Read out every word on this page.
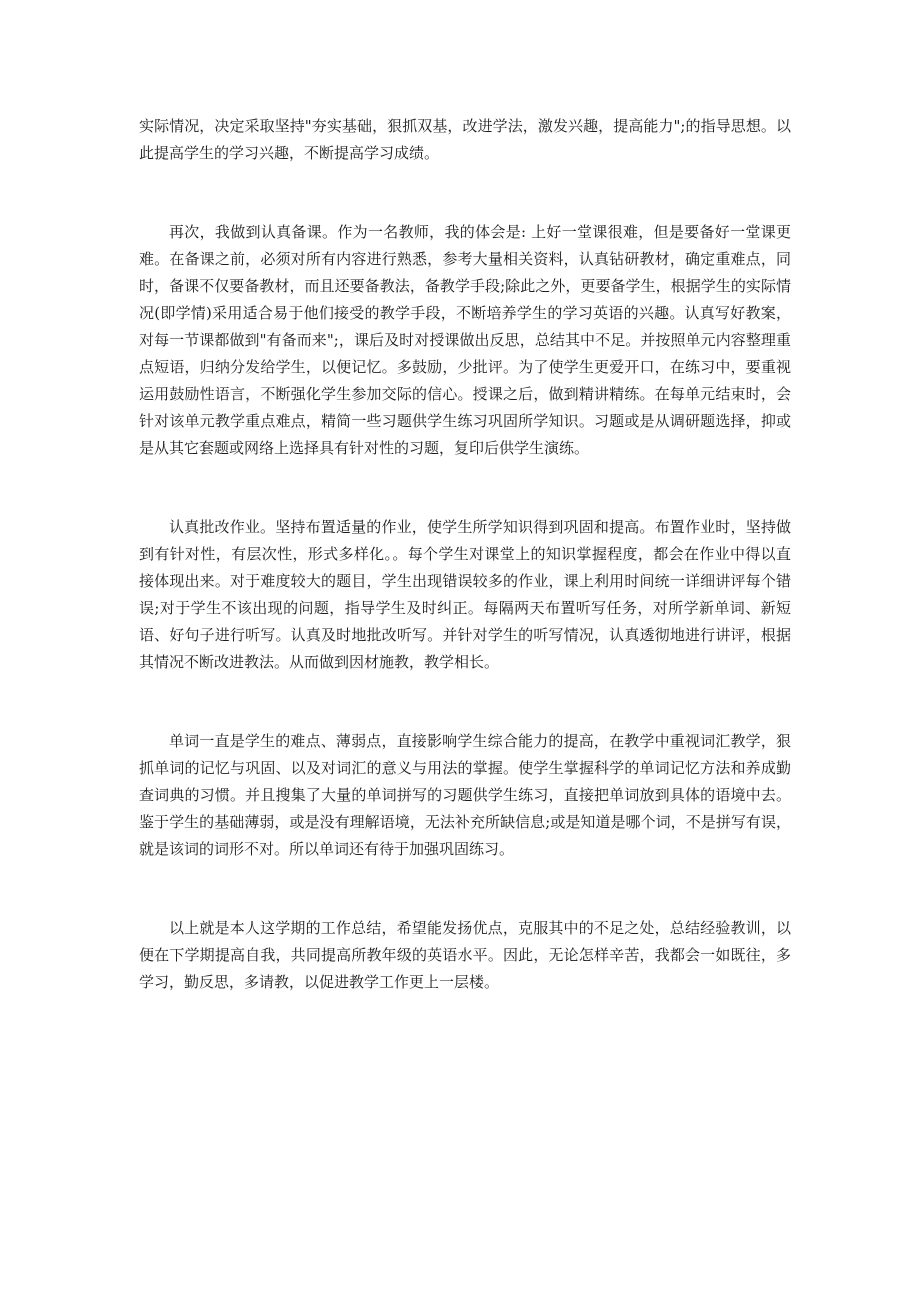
实际情况，决定采取坚持"夯实基础，狠抓双基，改进学法，激发兴趣，提高能力";的指导思想。以此提高学生的学习兴趣，不断提高学习成绩。

再次，我做到认真备课。作为一名教师，我的体会是: 上好一堂课很难，但是要备好一堂课更难。在备课之前，必须对所有内容进行熟悉，参考大量相关资料，认真钻研教材，确定重难点，同时，备课不仅要备教材，而且还要备教法，备教学手段;除此之外，更要备学生，根据学生的实际情况(即学情)采用适合易于他们接受的教学手段，不断培养学生的学习英语的兴趣。认真写好教案，对每一节课都做到"有备而来";，课后及时对授课做出反思，总结其中不足。并按照单元内容整理重点短语，归纳分发给学生，以便记忆。多鼓励，少批评。为了使学生更爱开口，在练习中，要重视运用鼓励性语言，不断强化学生参加交际的信心。授课之后，做到精讲精练。在每单元结束时，会针对该单元教学重点难点，精简一些习题供学生练习巩固所学知识。习题或是从调研题选择，抑或是从其它套题或网络上选择具有针对性的习题，复印后供学生演练。

认真批改作业。坚持布置适量的作业，使学生所学知识得到巩固和提高。布置作业时，坚持做到有针对性，有层次性，形式多样化。。每个学生对课堂上的知识掌握程度，都会在作业中得以直接体现出来。对于难度较大的题目，学生出现错误较多的作业，课上利用时间统一详细讲评每个错误;对于学生不该出现的问题，指导学生及时纠正。每隔两天布置听写任务，对所学新单词、新短语、好句子进行听写。认真及时地批改听写。并针对学生的听写情况，认真透彻地进行讲评，根据其情况不断改进教法。从而做到因材施教，教学相长。

单词一直是学生的难点、薄弱点，直接影响学生综合能力的提高，在教学中重视词汇教学，狠抓单词的记忆与巩固、以及对词汇的意义与用法的掌握。使学生掌握科学的单词记忆方法和养成勤查词典的习惯。并且搜集了大量的单词拼写的习题供学生练习，直接把单词放到具体的语境中去。鉴于学生的基础薄弱，或是没有理解语境，无法补充所缺信息;或是知道是哪个词，不是拼写有误，就是该词的词形不对。所以单词还有待于加强巩固练习。

以上就是本人这学期的工作总结，希望能发扬优点，克服其中的不足之处，总结经验教训，以便在下学期提高自我，共同提高所教年级的英语水平。因此，无论怎样辛苦，我都会一如既往，多学习，勤反思，多请教，以促进教学工作更上一层楼。
